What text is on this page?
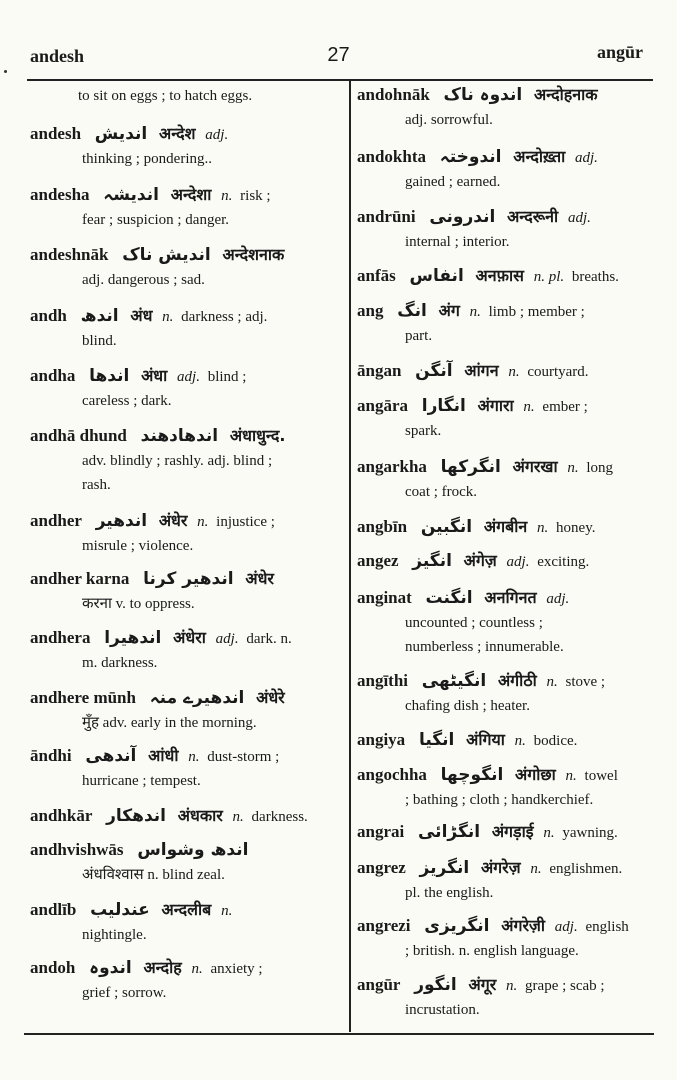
andesh	27	angūr
to sit on eggs ; to hatch eggs.
andesh اندیش अन्देश adj.
thinking ; pondering..
andesha اندیشہ अन्देशा n. risk ;
fear ; suspicion ; danger.
andeshnāk اندیش ناک अन्देशनाक
adj. dangerous ; sad.
andh اندھ अंध n. darkness ; adj.
blind.
andha اندھا अंधा adj. blind ;
careless ; dark.
andhā dhund اندھادھند अंधाधुन्द.
adv. blindly ; rashly. adj. blind ;
rash.
andher اندھیر अंधेर n. injustice ;
misrule ; violence.
andher karna اندھیر کرنا अंधेर
करना v. to oppress.
andhera اندھیرا अंधेरा adj. dark. n.
m. darkness.
andhere mūnh اندھیرے منہ अंधेरे
मुँह adv. early in the morning.
āndhi آندھی आंधी n. dust-storm ;
hurricane ; tempest.
andhkār اندھکار अंधकार n. darkness.
andhvishwās اندھ وشواس
अंधविश्वास n. blind zeal.
andlīb عندلیب अन्दलीब n.
nightingle.
andoh اندوہ अन्दोह n. anxiety ;
grief ; sorrow.
andohnāk اندوہ ناک अन्दोहनाक
adj. sorrowful.
andokhta اندوختہ अन्दोख़्ता adj.
gained ; earned.
andrūni اندرونی अन्दरूनी adj.
internal ; interior.
anfās انفاس अनफ़ास n. pl. breaths.
ang انگ अंग n. limb ; member ;
part.
āngan آنگن आंगन n. courtyard.
angāra انگارا अंगारा n. ember ;
spark.
angarkha انگرکھا अंगरखा n. long
coat ; frock.
angbīn انگبین अंगबीन n. honey.
angez انگیز अंगेज़ adj. exciting.
anginat انگنت अनगिनत adj.
uncounted ; countless ;
numberless ; innumerable.
angīthi انگیٹھی अंगीठी n. stove ;
chafing dish ; heater.
angiya انگیا अंगिया n. bodice.
angochha انگوچھا अंगोछा n. towel
; bathing ; cloth ; handkerchief.
angrai انگڑائی अंगड़ाई n. yawning.
angrez انگریز अंगरेज़ n. englishmen.
pl. the english.
angrezi انگریزی अंगरेज़ी adj. english
; british. n. english language.
angūr انگور अंगूर n. grape ; scab ;
incrustation.
